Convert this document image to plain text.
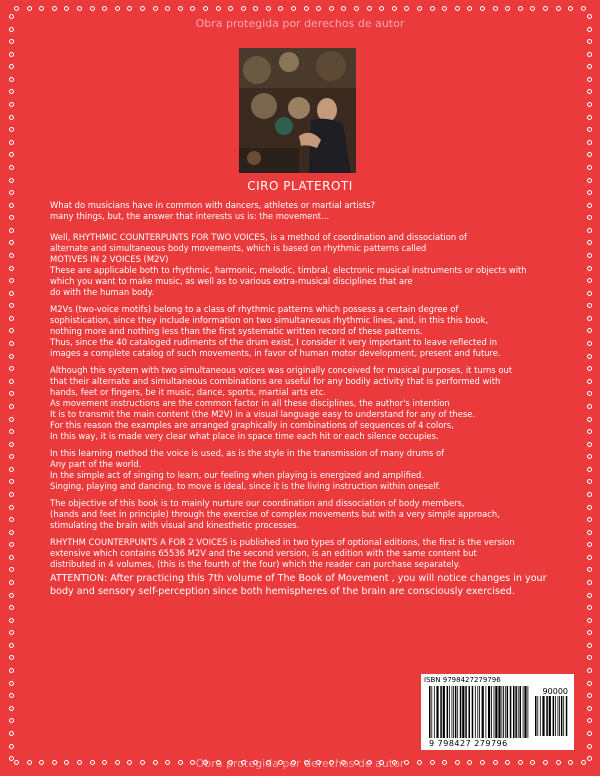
Obra protegida por derechos de autor
CIRO PLATEROTI

What do musicians have in common with dancers, athletes or martial artists?
many things, but, the answer that interests us is: the movement...

Well, RHYTHMIC COUNTERPUNTS FOR TWO VOICES, is a method of coordination and dissociation of
alternate and simultaneous body movements, which is based on rhythmic patterns called
MOTIVES IN 2 VOICES (M2V)
These are applicable both to rhythmic, harmonic, melodic, timbral, electronic musical instruments or objects with
which you want to make music, as well as to various extra-musical disciplines that are
do with the human body.

M2Vs (two-voice motifs) belong to a class of rhythmic patterns which possess a certain degree of
sophistication, since they include information on two simultaneous rhythmic lines, and, in this this book,
nothing more and nothing less than the first systematic written record of these patterns.
Thus, since the 40 cataloged rudiments of the drum exist, I consider it very important to leave reflected in
images a complete catalog of such movements, in favor of human motor development, present and future.

Although this system with two simultaneous voices was originally conceived for musical purposes, it turns out
that their alternate and simultaneous combinations are useful for any bodily activity that is performed with
hands, feet or fingers, be it music, dance, sports, martial arts etc.
As movement instructions are the common factor in all these disciplines, the author's intention
It is to transmit the main content (the M2V) in a visual language easy to understand for any of these.
For this reason the examples are arranged graphically in combinations of sequences of 4 colors,
In this way, it is made very clear what place in space time each hit or each silence occupies.

In this learning method the voice is used, as is the style in the transmission of many drums of
Any part of the world.
In the simple act of singing to learn, our feeling when playing is energized and amplified.
Singing, playing and dancing, to move is ideal, since it is the living instruction within oneself.

The objective of this book is to mainly nurture our coordination and dissociation of body members,
(hands and feet in principle) through the exercise of complex movements but with a very simple approach,
stimulating the brain with visual and kinesthetic processes.

RHYTHM COUNTERPUNTS A FOR 2 VOICES is published in two types of optional editions, the first is the version
extensive which contains 65536 M2V and the second version, is an edition with the same content but
distributed in 4 volumes, (this is the fourth of the four) which the reader can purchase separately.

ATTENTION: After practicing this 7th volume of The Book of Movement , you will notice changes in your
body and sensory self-perception since both hemispheres of the brain are consciously exercised.

ISBN 9798427279796
90000
9 798427 279796
Obra protegida por derechos de autor
